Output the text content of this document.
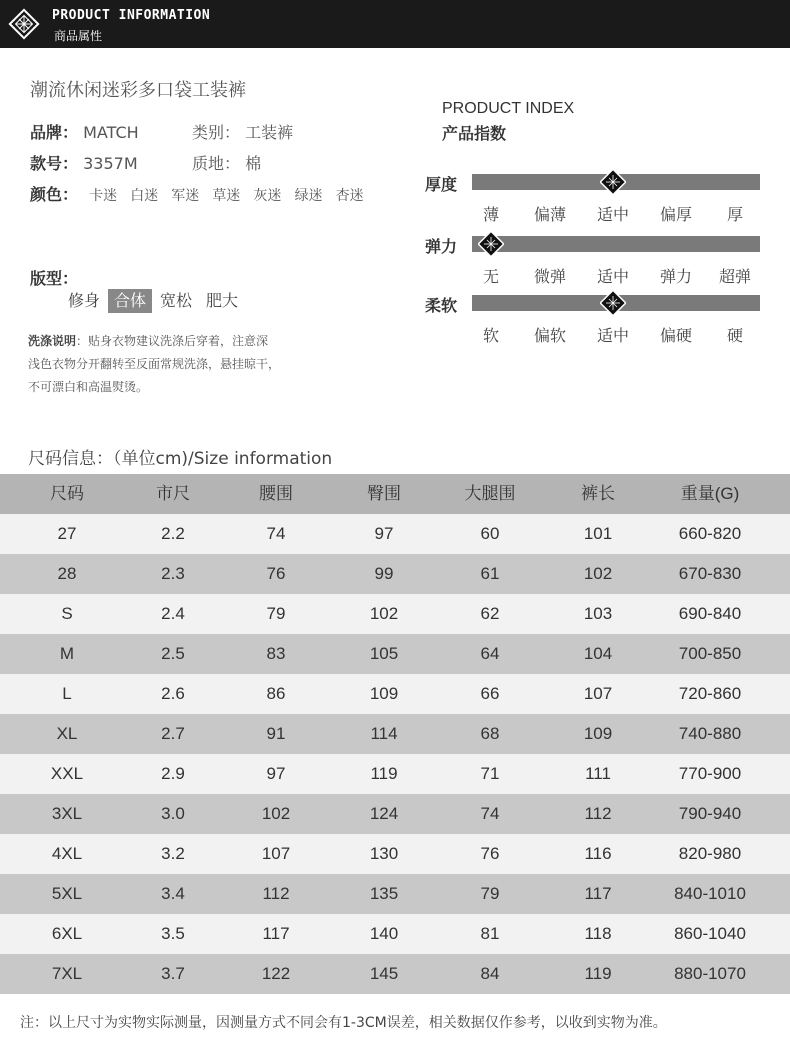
PRODUCT INFORMATION
商品属性
潮流休闲迷彩多口袋工装裤
品牌： MATCH	类别： 工装裤
款号： 3357M	质地： 棉
颜色： 卡迷 白迷 军迷 草迷 灰迷 绿迷 杏迷
版型：
修身 合体 宽松 肥大
洗涤说明：贴身衣物建议洗涤后穿着，注意深
浅色衣物分开翻转至反面常规洗涤，悬挂晾干，
不可漂白和高温熨烫。
PRODUCT INDEX
产品指数
厚度
薄	偏薄	适中	偏厚	厚
弹力
无	微弹	适中	弹力	超弹
柔软
软	偏软	适中	偏硬	硬
尺码信息：（单位cm)/Size information
尺码	市尺	腰围	臀围	大腿围	裤长	重量(G)
27	2.2	74	97	60	101	660-820
28	2.3	76	99	61	102	670-830
S	2.4	79	102	62	103	690-840
M	2.5	83	105	64	104	700-850
L	2.6	86	109	66	107	720-860
XL	2.7	91	114	68	109	740-880
XXL	2.9	97	119	71	111	770-900
3XL	3.0	102	124	74	112	790-940
4XL	3.2	107	130	76	116	820-980
5XL	3.4	112	135	79	117	840-1010
6XL	3.5	117	140	81	118	860-1040
7XL	3.7	122	145	84	119	880-1070
注：以上尺寸为实物实际测量，因测量方式不同会有1-3CM误差，相关数据仅作参考，以收到实物为准。
